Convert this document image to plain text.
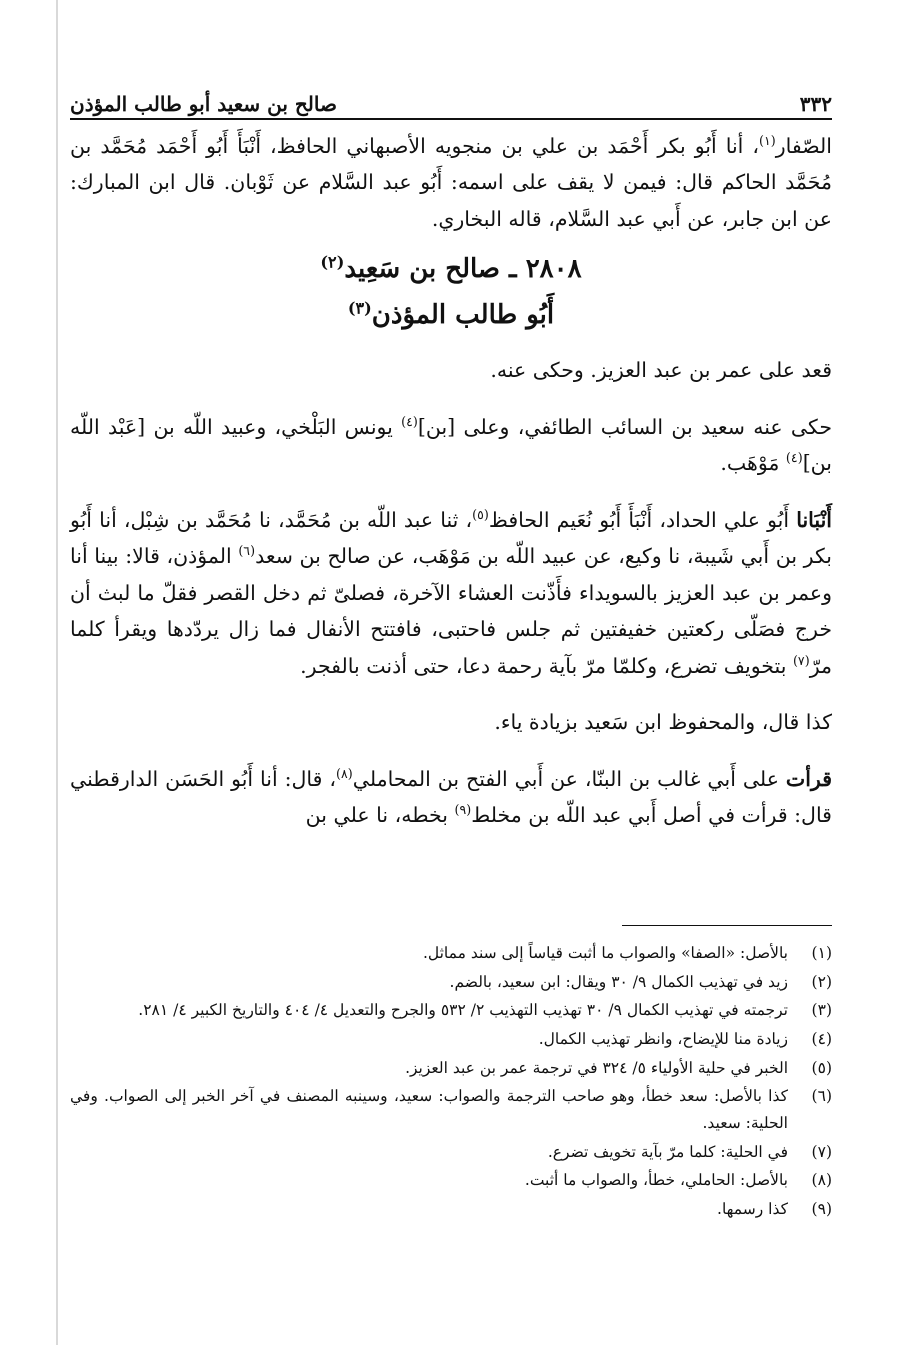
٣٣٢
صالح بن سعيد أبو طالب المؤذن

الصّفار$^{(١)}$، أنا أَبُو بكر أَحْمَد بن علي بن منجويه الأصبهاني الحافظ، أَنْبَأَ أَبُو أَحْمَد مُحَمَّد بن مُحَمَّد الحاكم قال: فيمن لا يقف على اسمه: أَبُو عبد السَّلام عن ثَوْبان. قال ابن المبارك: عن ابن جابر، عن أَبي عبد السَّلام، قاله البخاري.

٢٨٠٨ ـ صالح بن سَعِيد$^{(٢)}$
أَبُو طالب المؤذن$^{(٣)}$

قعد على عمر بن عبد العزيز. وحكى عنه.

حكى عنه سعيد بن السائب الطائفي، وعلى [بن]$^{(٤)}$ يونس البَلْخي، وعبيد اللّه بن [عَبْد اللّه بن]$^{(٤)}$ مَوْهَب.

أَنْبَانا أَبُو علي الحداد، أَنْبَأَ أَبُو نُعَيم الحافظ$^{(٥)}$، ثنا عبد اللّه بن مُحَمَّد، نا مُحَمَّد بن شِبْل، أنا أَبُو بكر بن أَبي شَيبة، نا وكيع، عن عبيد اللّه بن مَوْهَب، عن صالح بن سعد$^{(٦)}$ المؤذن، قالا: بينا أنا وعمر بن عبد العزيز بالسويداء فأَذّنت العشاء الآخرة، فصلىّ ثم دخل القصر فقلّ ما لبث أن خرج فصَلّى ركعتين خفيفتين ثم جلس فاحتبى، فافتتح الأنفال فما زال يردّدها ويقرأ كلما مرّ$^{(٧)}$ بتخويف تضرع، وكلمّا مرّ بآية رحمة دعا، حتى أذنت بالفجر.

كذا قال، والمحفوظ ابن سَعيد بزيادة ياء.

قرأت على أَبي غالب بن البنّا، عن أَبي الفتح بن المحاملي$^{(٨)}$، قال: أنا أَبُو الحَسَن الدارقطني قال: قرأت في أصل أَبي عبد اللّه بن مخلط$^{(٩)}$ بخطه، نا علي بن

(١)
بالأصل: «الصفا» والصواب ما أثبت قياساً إلى سند مماثل.
(٢)
زيد في تهذيب الكمال ٩/ ٣٠ ويقال: ابن سعيد، بالضم.
(٣)
ترجمته في تهذيب الكمال ٩/ ٣٠ تهذيب التهذيب ٢/ ٥٣٢ والجرح والتعديل ٤/ ٤٠٤ والتاريخ الكبير ٤/ ٢٨١.
(٤)
زيادة منا للإيضاح، وانظر تهذيب الكمال.
(٥)
الخبر في حلية الأولياء ٥/ ٣٢٤ في ترجمة عمر بن عبد العزيز.
(٦)
كذا بالأصل: سعد خطأ، وهو صاحب الترجمة والصواب: سعيد، وسينبه المصنف في آخر الخبر إلى الصواب. وفي الحلية: سعيد.
(٧)
في الحلية: كلما مرّ بآية تخويف تضرع.
(٨)
بالأصل: الحاملي، خطأ، والصواب ما أثبت.
(٩)
كذا رسمها.
